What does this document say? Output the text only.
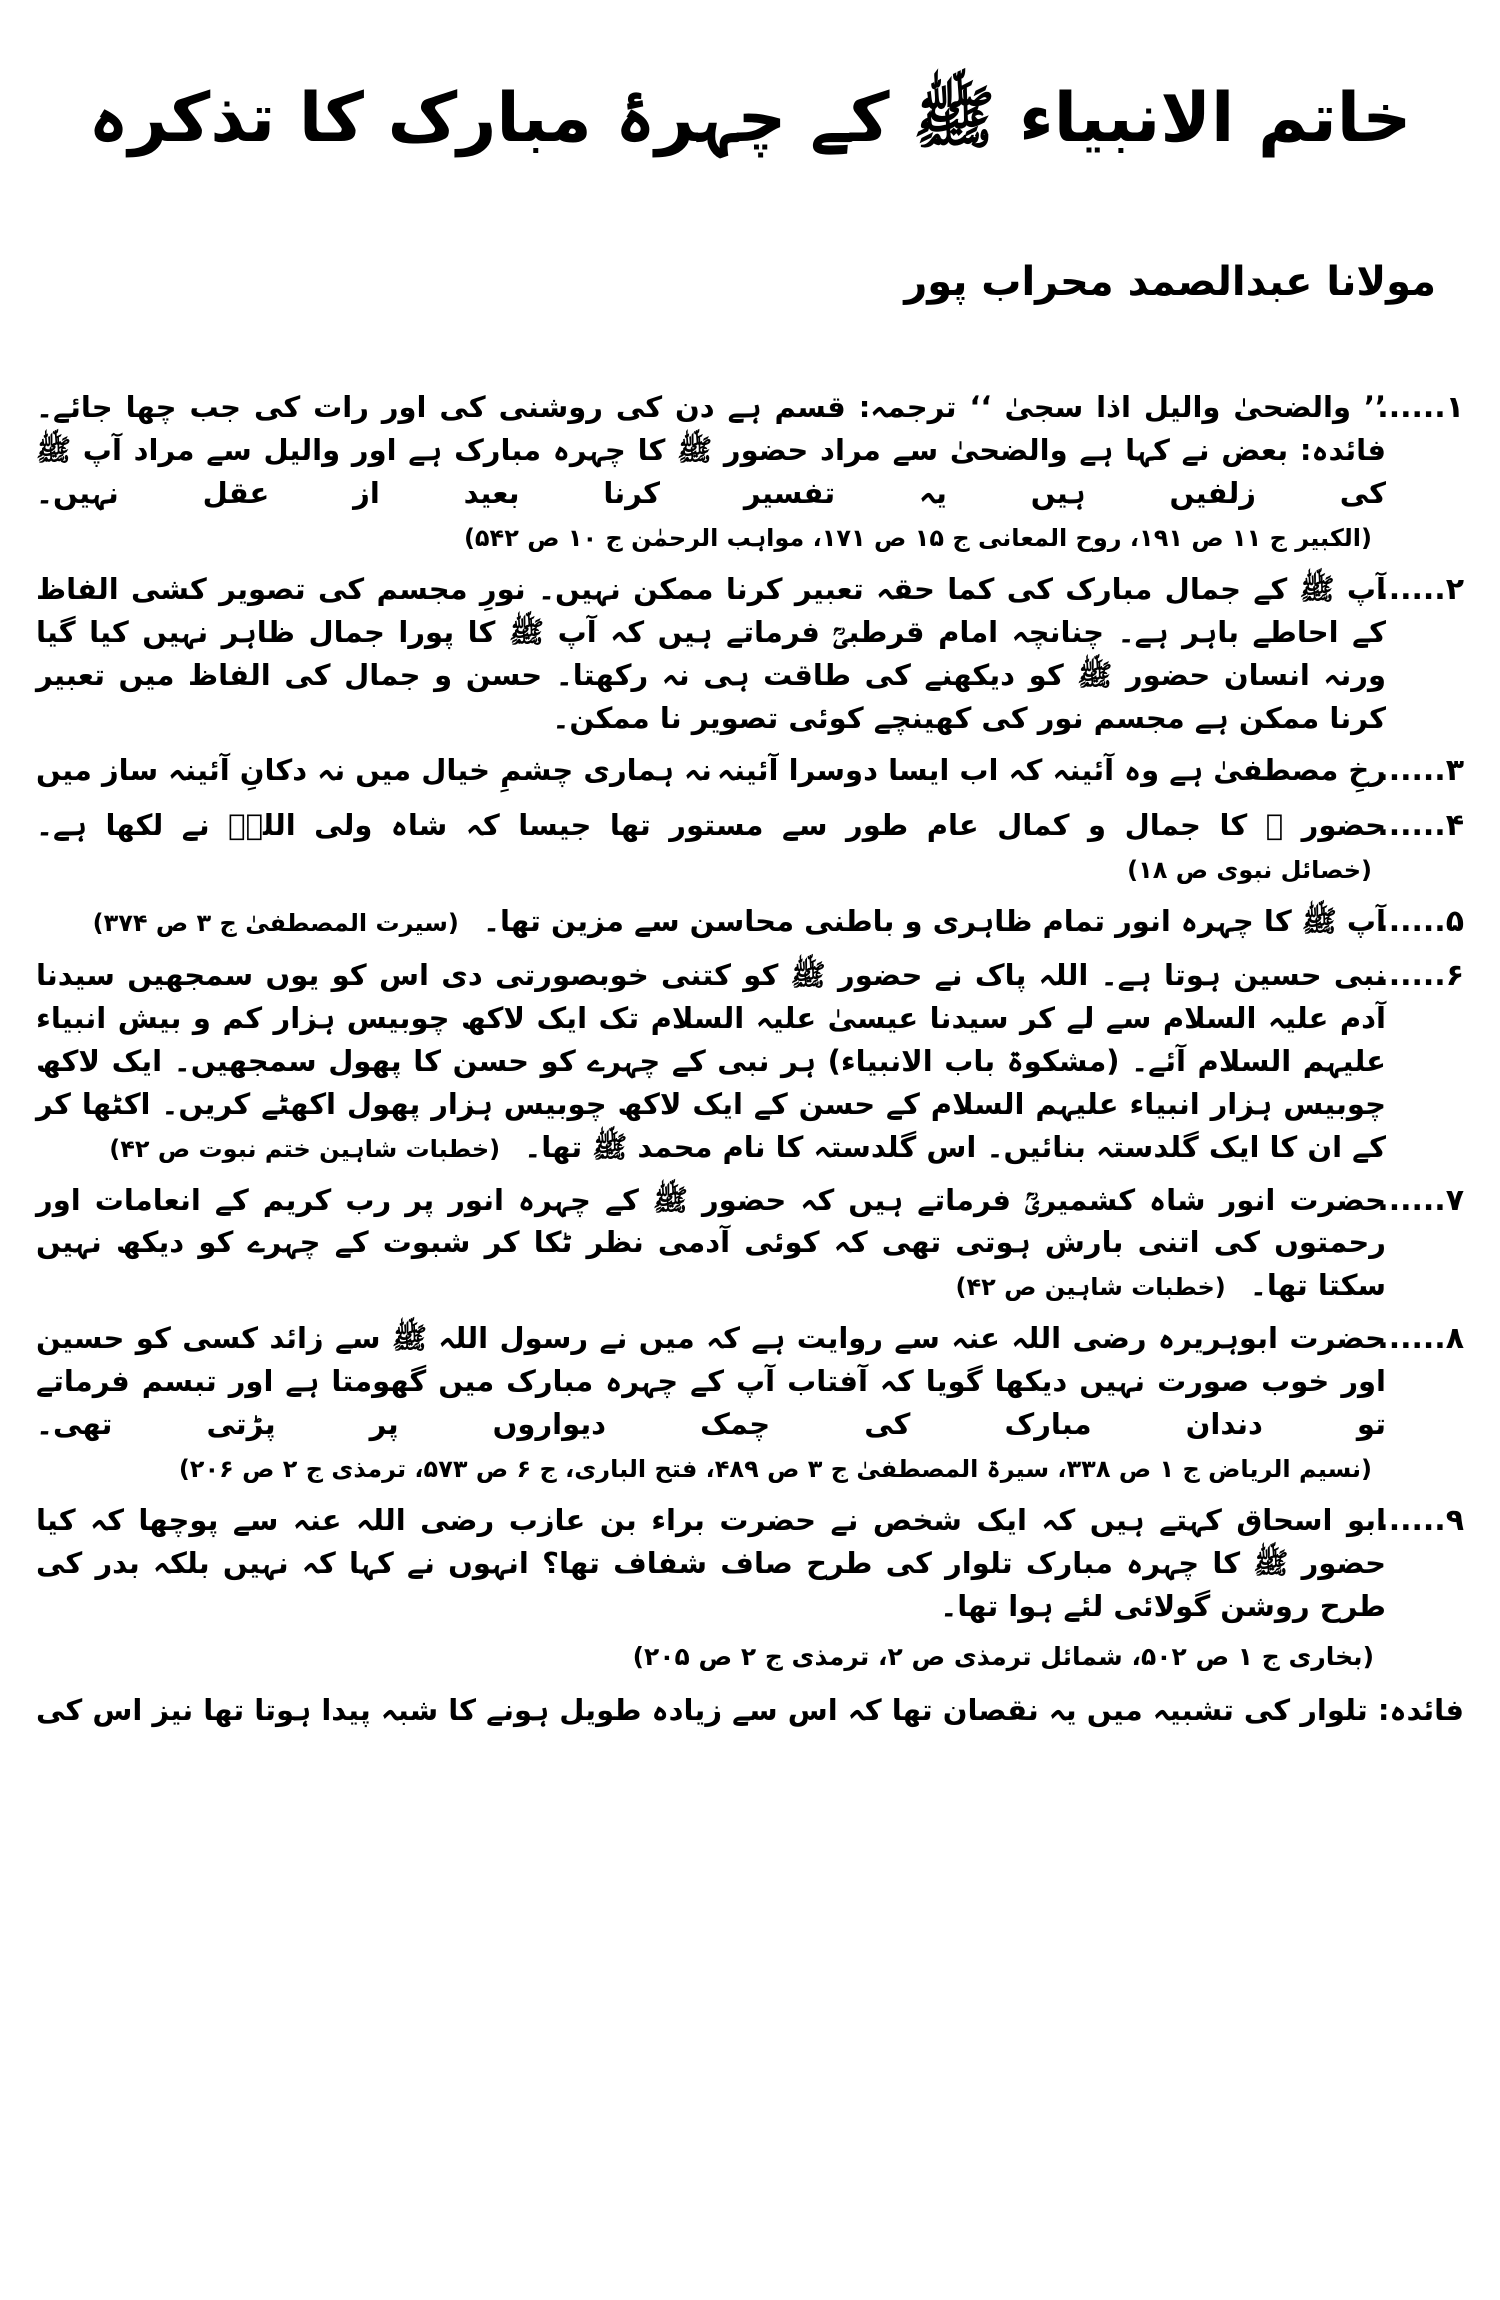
خاتم الانبیاء ﷺ کے چہرۂ مبارک کا تذکرہ
مولانا عبدالصمد محراب پور
۱......
’’ والضحیٰ والیل اذا سجیٰ ‘‘ ترجمہ: قسم ہے دن کی روشنی کی اور رات کی جب چھا جائے۔ فائدہ: بعض نے کہا ہے والضحیٰ سے مراد حضور ﷺ کا چہرہ مبارک ہے اور والیل سے مراد آپ ﷺ کی زلفیں ہیں یہ تفسیر کرنا بعید از عقل نہیں۔ (الکبیر ج ۱۱ ص ۱۹۱، روح المعانی ج ۱۵ ص ۱۷۱، مواہب الرحمٰن ج ۱۰ ص ۵۴۲)
۲......
آپ ﷺ کے جمال مبارک کی کما حقہ تعبیر کرنا ممکن نہیں۔ نورِ مجسم کی تصویر کشی الفاظ کے احاطے باہر ہے۔ چنانچہ امام قرطبیؒ فرماتے ہیں کہ آپ ﷺ کا پورا جمال ظاہر نہیں کیا گیا ورنہ انسان حضور ﷺ کو دیکھنے کی طاقت ہی نہ رکھتا۔ حسن و جمال کی الفاظ میں تعبیر کرنا ممکن ہے مجسم نور کی کھینچے کوئی تصویر نا ممکن۔
۳......
رخِ مصطفیٰ ہے وہ آئینہ کہ اب ایسا دوسرا آئینہ
نہ ہماری چشمِ خیال میں نہ دکانِ آئینہ ساز میں
۴......
حضور ﷺ کا جمال و کمال عام طور سے مستور تھا جیسا کہ شاہ ولی اللہؒ نے لکھا ہے۔ (خصائل نبوی ص ۱۸)
۵......
آپ ﷺ کا چہرہ انور تمام ظاہری و باطنی محاسن سے مزین تھا۔ (سیرت المصطفیٰ ج ۳ ص ۳۷۴)
۶......
نبی حسین ہوتا ہے۔ اللہ پاک نے حضور ﷺ کو کتنی خوبصورتی دی اس کو یوں سمجھیں سیدنا آدم علیہ السلام سے لے کر سیدنا عیسیٰ علیہ السلام تک ایک لاکھ چوبیس ہزار کم و بیش انبیاء علیہم السلام آئے۔ (مشکوۃ باب الانبیاء) ہر نبی کے چہرے کو حسن کا پھول سمجھیں۔ ایک لاکھ چوبیس ہزار انبیاء علیہم السلام کے حسن کے ایک لاکھ چوبیس ہزار پھول اکھٹے کریں۔ اکٹھا کر کے ان کا ایک گلدستہ بنائیں۔ اس گلدستہ کا نام محمد ﷺ تھا۔ (خطبات شاہین ختم نبوت ص ۴۲)
۷......
حضرت انور شاہ کشمیریؒ فرماتے ہیں کہ حضور ﷺ کے چہرہ انور پر رب کریم کے انعامات اور رحمتوں کی اتنی بارش ہوتی تھی کہ کوئی آدمی نظر ٹکا کر شبوت کے چہرے کو دیکھ نہیں سکتا تھا۔ (خطبات شاہین ص ۴۲)
۸......
حضرت ابوہریرہ رضی اللہ عنہ سے روایت ہے کہ میں نے رسول اللہ ﷺ سے زائد کسی کو حسین اور خوب صورت نہیں دیکھا گویا کہ آفتاب آپ کے چہرہ مبارک میں گھومتا ہے اور تبسم فرماتے تو دندان مبارک کی چمک دیواروں پر پڑتی تھی۔ (نسیم الریاض ج ۱ ص ۳۳۸، سیرۃ المصطفیٰ ج ۳ ص ۴۸۹، فتح الباری، ج ۶ ص ۵۷۳، ترمذی ج ۲ ص ۲۰۶)
۹......
ابو اسحاق کہتے ہیں کہ ایک شخص نے حضرت براء بن عازب رضی اللہ عنہ سے پوچھا کہ کیا حضور ﷺ کا چہرہ مبارک تلوار کی طرح صاف شفاف تھا؟ انہوں نے کہا کہ نہیں بلکہ بدر کی طرح روشن گولائی لئے ہوا تھا۔
(بخاری ج ۱ ص ۵۰۲، شمائل ترمذی ص ۲، ترمذی ج ۲ ص ۲۰۵)
فائدہ: تلوار کی تشبیہ میں یہ نقصان تھا کہ اس سے زیادہ طویل ہونے کا شبہ پیدا ہوتا تھا نیز اس کی
